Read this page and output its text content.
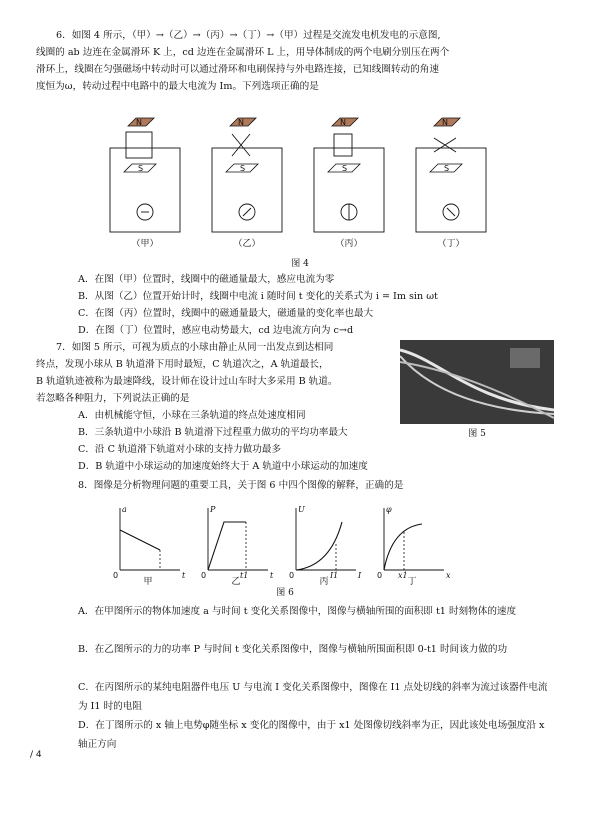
6．如图 4 所示，（甲）→（乙）→（丙）→（丁）→（甲）过程是交流发电机发电的示意图,
线圈的 ab 边连在金属滑环 K 上，cd 边连在金属滑环 L 上，用导体制成的两个电刷分别压在两个
滑环上，线圈在匀强磁场中转动时可以通过滑环和电刷保持与外电路连接，已知线圈转动的角速
度恒为ω，转动过程中电路中的最大电流为 Im。下列选项正确的是
N
S
N
S
N
S
N
S
（甲）	（乙）	（丙）	（丁）
图 4
A．在图（甲）位置时，线圈中的磁通量最大，感应电流为零
B．从图（乙）位置开始计时，线圈中电流 i 随时间 t 变化的关系式为 i = Im sin ωt
C．在图（丙）位置时，线圈中的磁通量最大，磁通量的变化率也最大
D．在图（丁）位置时，感应电动势最大，cd 边电流方向为 c→d
7．如图 5 所示，可视为质点的小球由静止从同一出发点到达相同
终点，发现小球从 B 轨道滑下用时最短，C 轨道次之，A 轨道最长，
B 轨道轨迹被称为最速降线，设计师在设计过山车时大多采用 B 轨道。
若忽略各种阻力，下列说法正确的是
图 5
A．由机械能守恒，小球在三条轨道的终点处速度相同
B．三条轨道中小球沿 B 轨道滑下过程重力做功的平均功率最大
C．沿 C 轨道滑下轨道对小球的支持力做功最多
D．B 轨道中小球运动的加速度始终大于 A 轨道中小球运动的加速度
8．图像是分析物理问题的重要工具，关于图 6 中四个图像的解释，正确的是
a
t
0
P
t
0	t1
U
I
0	I1
φ
x
0 x1
甲	乙	丙	丁
图 6
A．在甲图所示的物体加速度 a 与时间 t 变化关系图像中，图像与横轴所围的面积即 t1 时刻物体的速度
B．在乙图所示的力的功率 P 与时间 t 变化关系图像中，图像与横轴所围面积即 0-t1 时间该力做的功
C．在丙图所示的某纯电阻器件电压 U 与电流 I 变化关系图像中，图像在 I1 点处切线的斜率为流过该器件电流为 I1 时的电阻
D．在丁图所示的 x 轴上电势φ随坐标 x 变化的图像中，由于 x1 处图像切线斜率为正，因此该处电场强度沿 x 轴正方向
/ 4
